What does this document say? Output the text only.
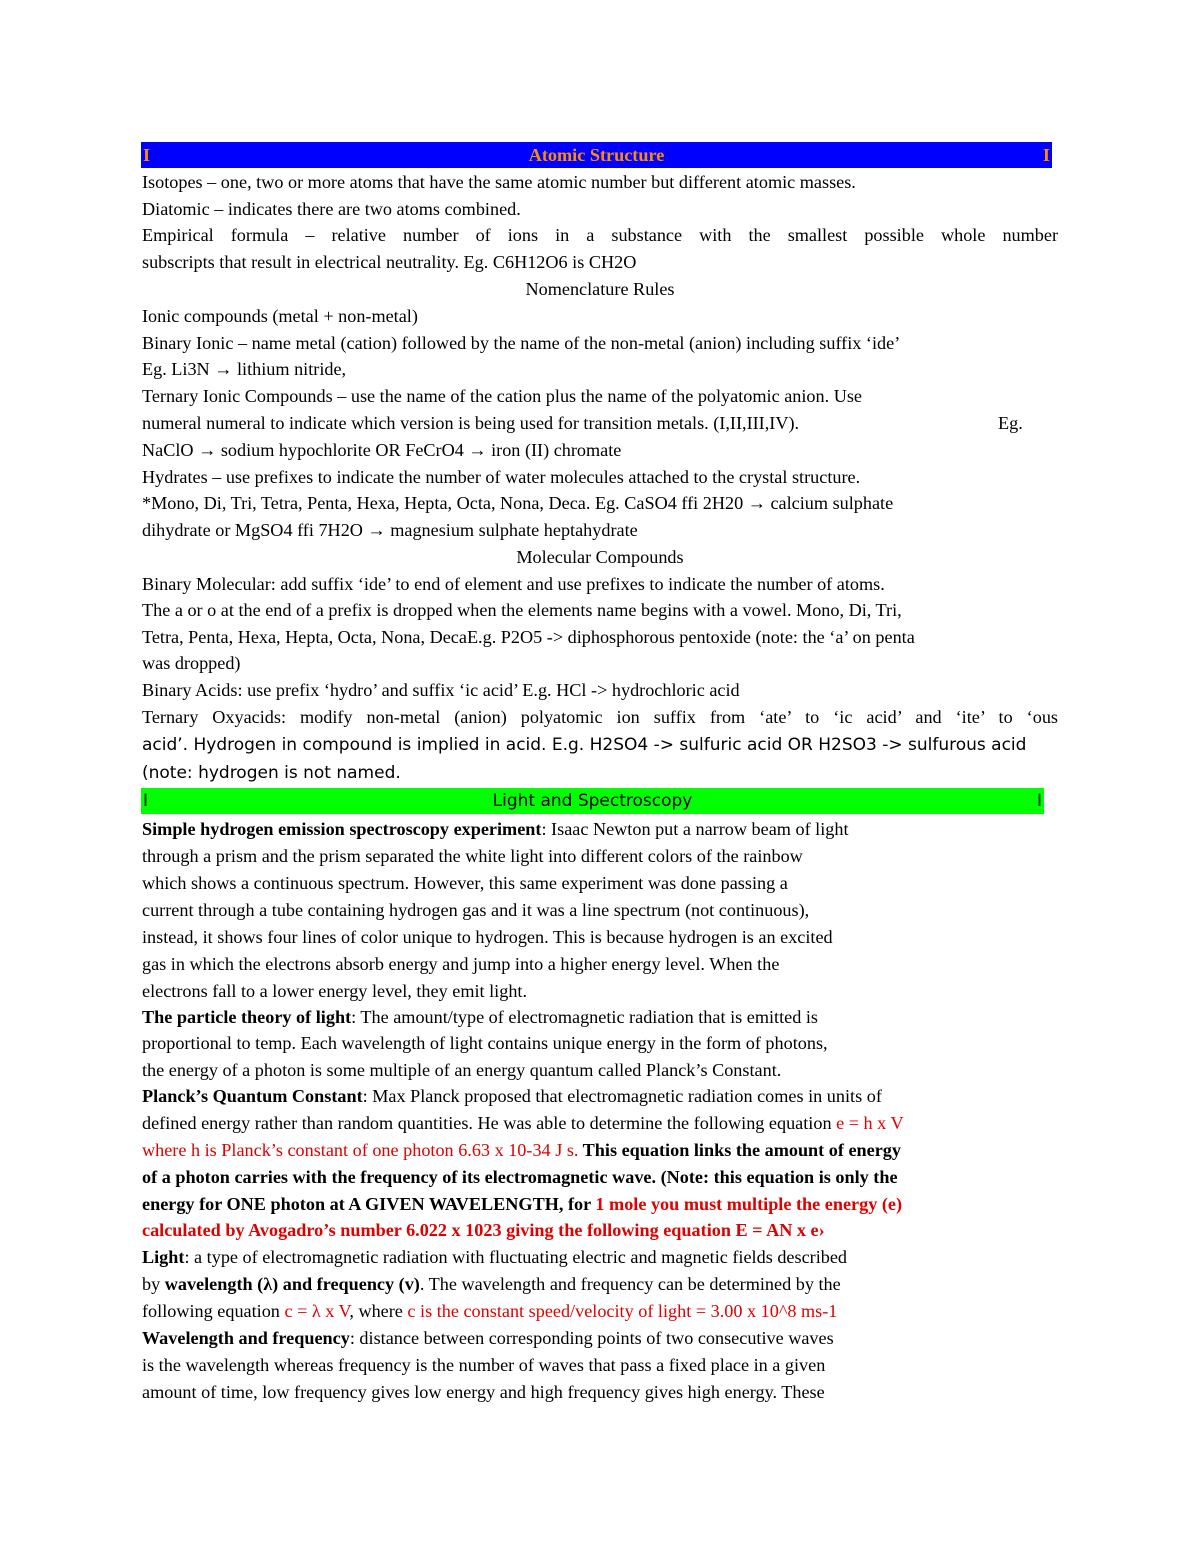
Atomic Structure
I	I
Isotopes – one, two or more atoms that have the same atomic number but different atomic masses.
Diatomic – indicates there are two atoms combined.
Empirical formula – relative number of ions in a substance with the smallest possible whole number
subscripts that result in electrical neutrality. Eg. C6H12O6 is CH2O
Nomenclature Rules
Ionic compounds (metal + non-metal)
Binary Ionic – name metal (cation) followed by the name of the non-metal (anion) including suffix ‘ide’
Eg. Li3N → lithium nitride,
Ternary Ionic Compounds – use the name of the cation plus the name of the polyatomic anion. Use
numeral numeral to indicate which version is being used for transition metals. (I,II,III,IV).	Eg.
NaClO → sodium hypochlorite OR FeCrO4 → iron (II) chromate
Hydrates – use prefixes to indicate the number of water molecules attached to the crystal structure.
*Mono, Di, Tri, Tetra, Penta, Hexa, Hepta, Octa, Nona, Deca. Eg. CaSO4 ffi 2H20 → calcium sulphate
dihydrate or MgSO4 ffi 7H2O → magnesium sulphate heptahydrate
Molecular Compounds
Binary Molecular: add suffix ‘ide’ to end of element and use prefixes to indicate the number of atoms.
The a or o at the end of a prefix is dropped when the elements name begins with a vowel. Mono, Di, Tri,
Tetra, Penta, Hexa, Hepta, Octa, Nona, DecaE.g. P2O5 -> diphosphorous pentoxide (note: the ‘a’ on penta
was dropped)
Binary Acids: use prefix ‘hydro’ and suffix ‘ic acid’ E.g. HCl -> hydrochloric acid
Ternary Oxyacids: modify non-metal (anion) polyatomic ion suffix from ‘ate’ to ‘ic acid’ and ‘ite’ to ‘ous
acid’. Hydrogen in compound is implied in acid. E.g. H2SO4 -> sulfuric acid OR H2SO3 -> sulfurous acid
(note: hydrogen is not named.
Light and Spectroscopy
I	I
Simple hydrogen emission spectroscopy experiment: Isaac Newton put a narrow beam of light
through a prism and the prism separated the white light into different colors of the rainbow
which shows a continuous spectrum. However, this same experiment was done passing a
current through a tube containing hydrogen gas and it was a line spectrum (not continuous),
instead, it shows four lines of color unique to hydrogen. This is because hydrogen is an excited
gas in which the electrons absorb energy and jump into a higher energy level. When the
electrons fall to a lower energy level, they emit light.
The particle theory of light: The amount/type of electromagnetic radiation that is emitted is
proportional to temp. Each wavelength of light contains unique energy in the form of photons,
the energy of a photon is some multiple of an energy quantum called Planck’s Constant.
Planck’s Quantum Constant: Max Planck proposed that electromagnetic radiation comes in units of
defined energy rather than random quantities. He was able to determine the following equation e = h x V
where h is Planck’s constant of one photon 6.63 x 10-34 J s. This equation links the amount of energy
of a photon carries with the frequency of its electromagnetic wave. (Note: this equation is only the
energy for ONE photon at A GIVEN WAVELENGTH, for 1 mole you must multiple the energy (e)
calculated by Avogadro’s number 6.022 x 1023 giving the following equation E = AN x e›
Light: a type of electromagnetic radiation with fluctuating electric and magnetic fields described
by wavelength (λ) and frequency (v). The wavelength and frequency can be determined by the
following equation c = λ x V, where c is the constant speed/velocity of light = 3.00 x 10^8 ms-1
Wavelength and frequency: distance between corresponding points of two consecutive waves
is the wavelength whereas frequency is the number of waves that pass a fixed place in a given
amount of time, low frequency gives low energy and high frequency gives high energy. These
